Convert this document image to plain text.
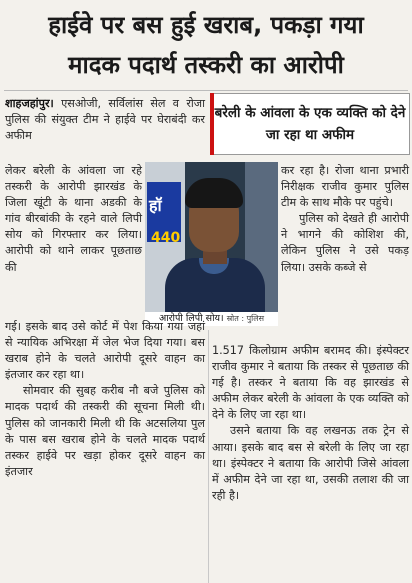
हाईवे पर बस हुई खराब, पकड़ा गया
मादक पदार्थ तस्करी का आरोपी

शाहजहांपुर। एसओजी, सर्विलांस सेल व रोजा पुलिस की संयुक्त टीम ने हाईवे पर घेराबंदी कर अफीम

बरेली के आंवला के एक व्यक्ति को देने जा रहा था अफीम

लेकर बरेली के आंवला जा रहे तस्करी के आरोपी झारखंड के जिला खूंटी के थाना अडकी के गांव बीरबांकी के रहने वाले लिपी सोय को गिरफ्तार कर लिया। आरोपी को थाने लाकर पूछताछ की

हॉ
440
आरोपी लिपी सोय। स्रोत : पुलिस

कर रहा है। रोजा थाना प्रभारी निरीक्षक राजीव कुमार पुलिस टीम के साथ मौके पर पहुंचे।

पुलिस को देखते ही आरोपी ने भागने की कोशिश की, लेकिन पुलिस ने उसे पकड़ लिया। उसके कब्जे से

गई। इसके बाद उसे कोर्ट में पेश किया गया जहां से न्यायिक अभिरक्षा में जेल भेज दिया गया। बस खराब होने के चलते आरोपी दूसरे वाहन का इंतजार कर रहा था।

सोमवार की सुबह करीब नौ बजे पुलिस को मादक पदार्थ की तस्करी की सूचना मिली थी। पुलिस को जानकारी मिली थी कि अटसलिया पुल के पास बस खराब होने के चलते मादक पदार्थ तस्कर हाईवे पर खड़ा होकर दूसरे वाहन का इंतजार

1.517 किलोग्राम अफीम बरामद की। इंस्पेक्टर राजीव कुमार ने बताया कि तस्कर से पूछताछ की गई है। तस्कर ने बताया कि वह झारखंड से अफीम लेकर बरेली के आंवला के एक व्यक्ति को देने के लिए जा रहा था।

उसने बताया कि वह लखनऊ तक ट्रेन से आया। इसके बाद बस से बरेली के लिए जा रहा था। इंस्पेक्टर ने बताया कि आरोपी जिसे आंवला में अफीम देने जा रहा था, उसकी तलाश की जा रही है।
